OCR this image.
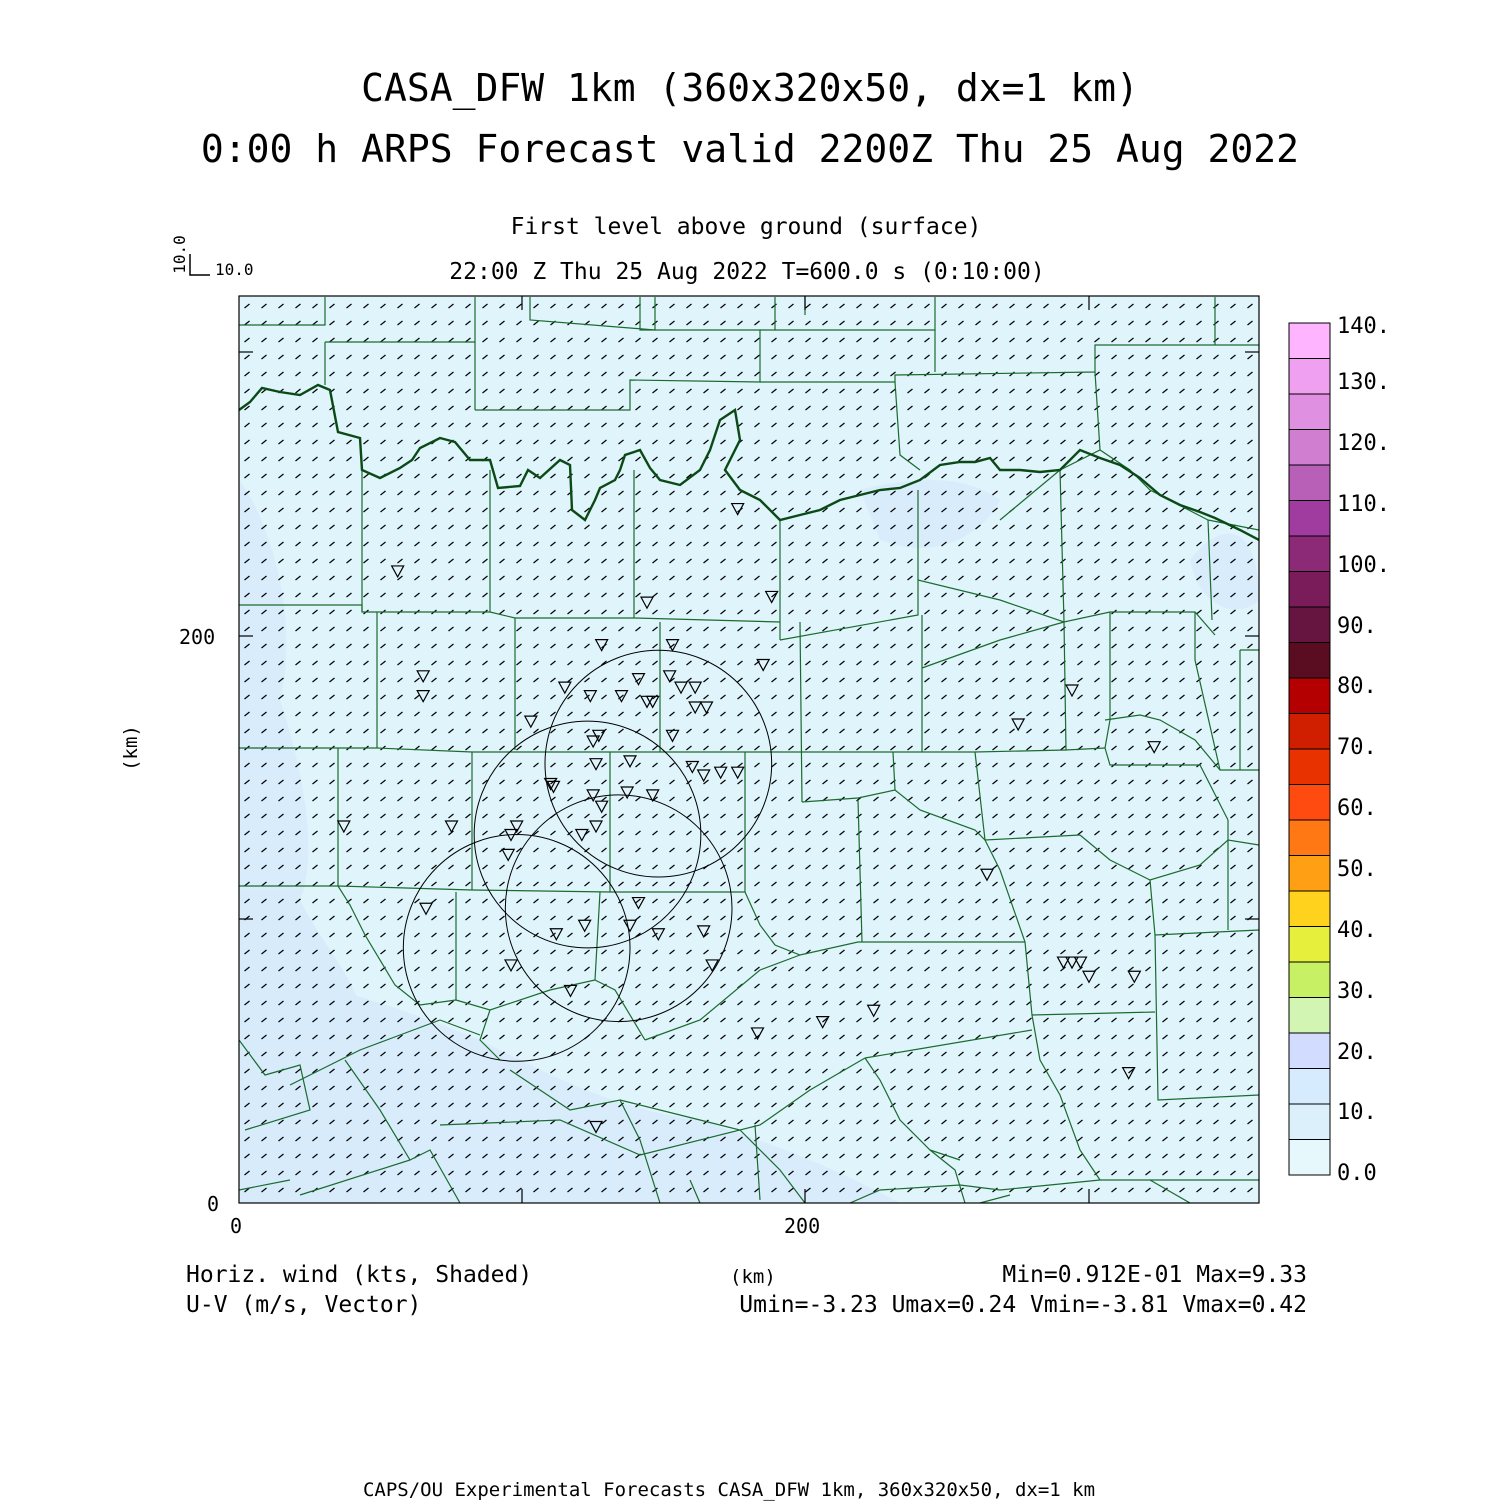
CASA_DFW 1km (360x320x50, dx=1 km)
0:00 h ARPS Forecast valid 2200Z Thu 25 Aug 2022
First level above ground (surface)
22:00 Z Thu 25 Aug 2022 T=600.0 s (0:10:00)
10.0 10.0
(km)
200
0
0	200
140.
130.
120.
110.
100.
90.
80.
70.
60.
50.
40.
30.
20.
10.
0.0
Horiz. wind (kts, Shaded)
U-V (m/s, Vector)
(km)	Min=0.912E-01 Max=9.33
Umin=-3.23 Umax=0.24 Vmin=-3.81 Vmax=0.42
CAPS/OU Experimental Forecasts CASA_DFW 1km, 360x320x50, dx=1 km
